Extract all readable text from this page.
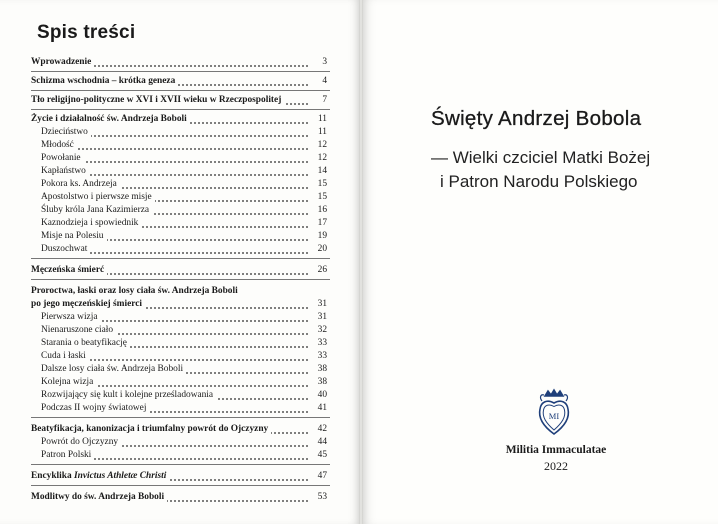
Spis treści
Wprowadzenie	3
Schizma wschodnia – krótka geneza	4
Tło religijno-polityczne w XVI i XVII wieku w Rzeczpospolitej	7
Życie i działalność św. Andrzeja Boboli	11
Dzieciństwo	11
Młodość	12
Powołanie	12
Kapłaństwo	14
Pokora ks. Andrzeja	15
Apostolstwo i pierwsze misje	15
Śluby króla Jana Kazimierza	16
Kaznodzieja i spowiednik	17
Misje na Polesiu	19
Duszochwat	20
Męczeńska śmierć	26
Proroctwa, łaski oraz losy ciała św. Andrzeja Boboli
po jego męczeńskiej śmierci	31
Pierwsza wizja	31
Nienaruszone ciało	32
Starania o beatyfikację	33
Cuda i łaski	33
Dalsze losy ciała św. Andrzeja Boboli	38
Kolejna wizja	38
Rozwijający się kult i kolejne prześladowania	40
Podczas II wojny światowej	41
Beatyfikacja, kanonizacja i triumfalny powrót do Ojczyzny	42
Powrót do Ojczyzny	44
Patron Polski	45
Encyklika Invictus Athletæ Christi	47
Modlitwy do św. Andrzeja Boboli	53
Święty Andrzej Bobola
— Wielki czciciel Matki Bożej
i Patron Narodu Polskiego
MI
Militia Immaculatae
2022
